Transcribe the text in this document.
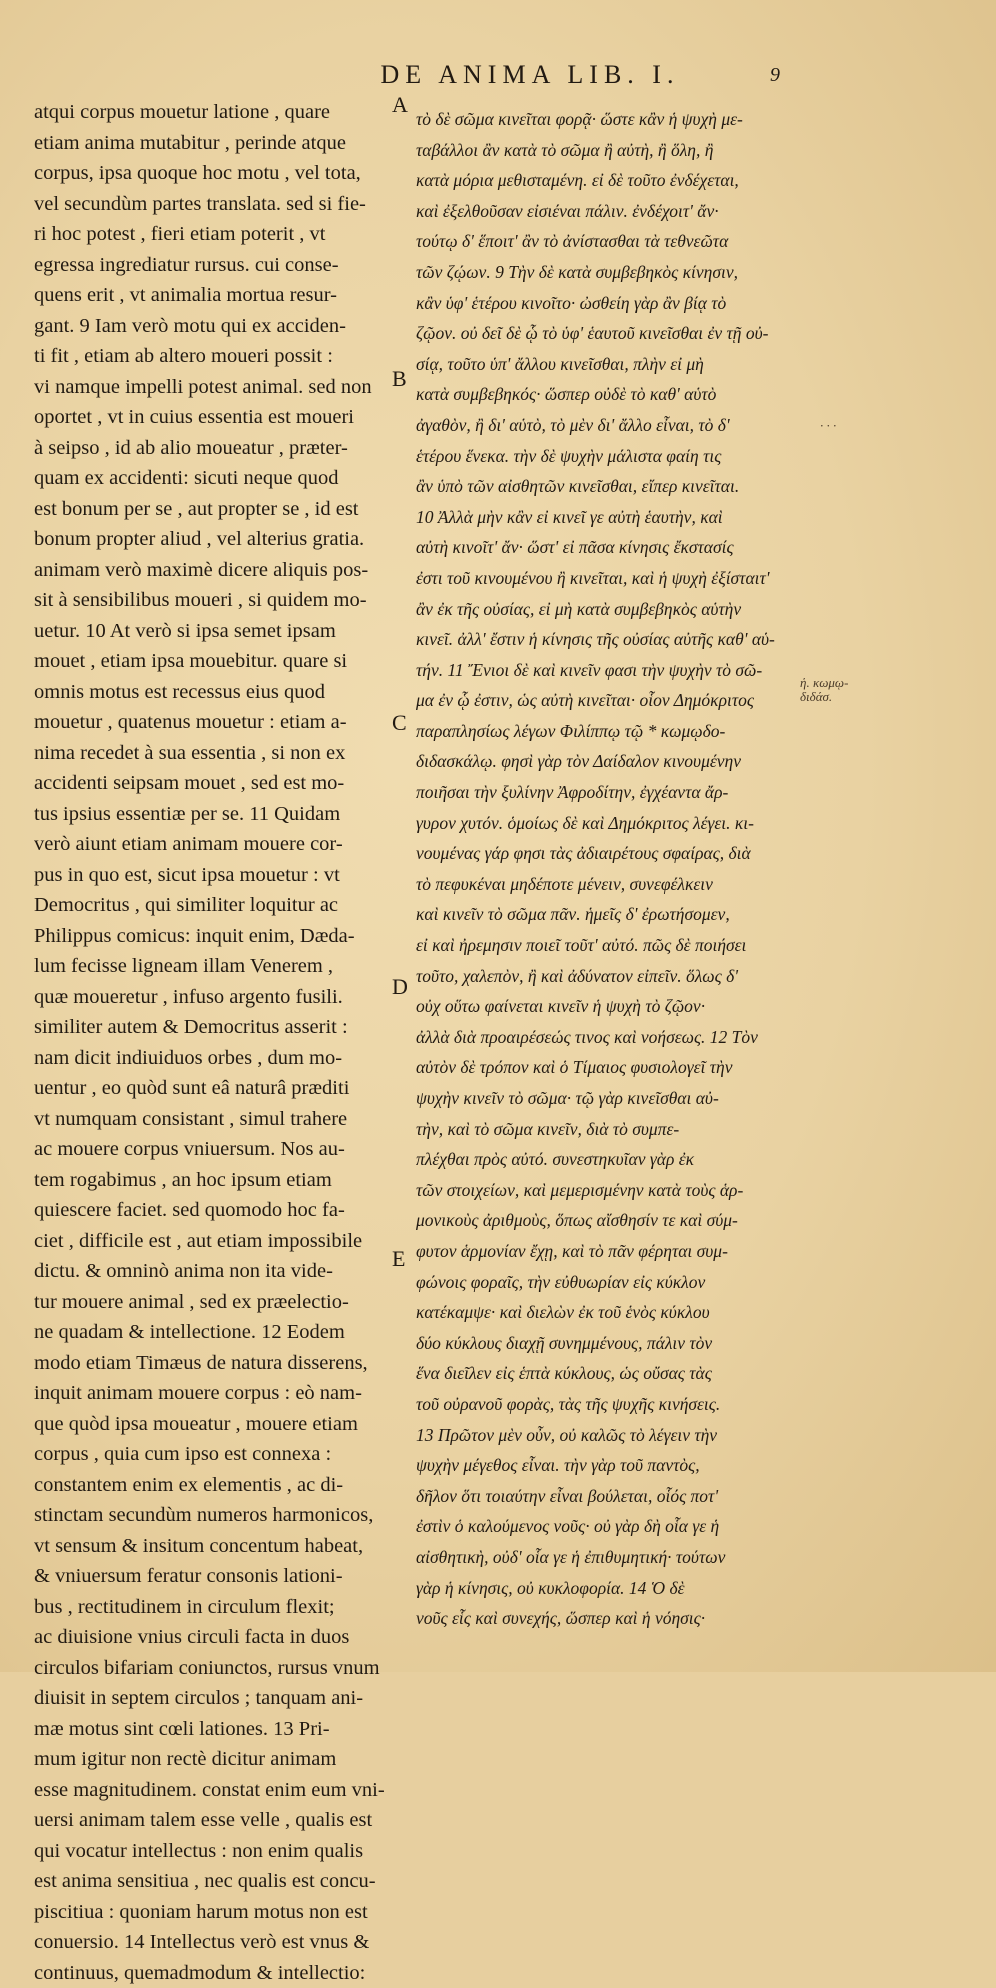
DE ANIMA LIB. I.	9
atqui corpus mouetur latione , quare
etiam anima mutabitur , perinde atque
corpus, ipsa quoque hoc motu , vel tota,
vel secundùm partes translata. sed si fie-
ri hoc potest , fieri etiam poterit , vt
egressa ingrediatur rursus. cui conse-
quens erit , vt animalia mortua resur-
gant. 9 Iam verò motu qui ex acciden-
ti fit , etiam ab altero moueri possit :
vi namque impelli potest animal. sed non
oportet , vt in cuius essentia est moueri
à seipso , id ab alio moueatur , præter-
quam ex accidenti: sicuti neque quod
est bonum per se , aut propter se , id est
bonum propter aliud , vel alterius gratia.
animam verò maximè dicere aliquis pos-
sit à sensibilibus moueri , si quidem mo-
uetur. 10 At verò si ipsa semet ipsam
mouet , etiam ipsa mouebitur. quare si
omnis motus est recessus eius quod
mouetur , quatenus mouetur : etiam a-
nima recedet à sua essentia , si non ex
accidenti seipsam mouet , sed est mo-
tus ipsius essentiæ per se. 11 Quidam
verò aiunt etiam animam mouere cor-
pus in quo est, sicut ipsa mouetur : vt
Democritus , qui similiter loquitur ac
Philippus comicus: inquit enim, Dæda-
lum fecisse ligneam illam Venerem ,
quæ moueretur , infuso argento fusili.
similiter autem & Democritus asserit :
nam dicit indiuiduos orbes , dum mo-
uentur , eo quòd sunt eâ naturâ præditi
vt numquam consistant , simul trahere
ac mouere corpus vniuersum. Nos au-
tem rogabimus , an hoc ipsum etiam
quiescere faciet. sed quomodo hoc fa-
ciet , difficile est , aut etiam impossibile
dictu. & omninò anima non ita vide-
tur mouere animal , sed ex præelectio-
ne quadam & intellectione. 12 Eodem
modo etiam Timæus de natura disserens,
inquit animam mouere corpus : eò nam-
que quòd ipsa moueatur , mouere etiam
corpus , quia cum ipso est connexa :
constantem enim ex elementis , ac di-
stinctam secundùm numeros harmonicos,
vt sensum & insitum concentum habeat,
& vniuersum feratur consonis lationi-
bus , rectitudinem in circulum flexit;
ac diuisione vnius circuli facta in duos
circulos bifariam coniunctos, rursus vnum
diuisit in septem circulos ; tanquam ani-
mæ motus sint cœli lationes. 13 Pri-
mum igitur non rectè dicitur animam
esse magnitudinem. constat enim eum vni-
uersi animam talem esse velle , qualis est
qui vocatur intellectus : non enim qualis
est anima sensitiua , nec qualis est concu-
piscitiua : quoniam harum motus non est
conuersio. 14 Intellectus verò est vnus &
continuus, quemadmodum & intellectio:
τὸ δὲ σῶμα κινεῖται φορᾷ· ὥστε κἂν ἡ ψυχὴ με-
ταβάλλοι ἂν κατὰ τὸ σῶμα ἢ αὐτὴ, ἢ ὅλη, ἢ
κατὰ μόρια μεθισταμένη. εἰ δὲ τοῦτο ἐνδέχεται,
καὶ ἐξελθοῦσαν εἰσιέναι πάλιν. ἐνδέχοιτ' ἄν·
τούτῳ δ' ἕποιτ' ἂν τὸ ἀνίστασθαι τὰ τεθνεῶτα
τῶν ζῴων. 9 Τὴν δὲ κατὰ συμβεβηκὸς κίνησιν,
κἂν ὑφ' ἑτέρου κινοῖτο· ὠσθείη γὰρ ἂν βίᾳ τὸ
ζῷον. οὐ δεῖ δὲ ᾧ τὸ ὑφ' ἑαυτοῦ κινεῖσθαι ἐν τῇ οὐ-
σίᾳ, τοῦτο ὑπ' ἄλλου κινεῖσθαι, πλὴν εἰ μὴ
κατὰ συμβεβηκός· ὥσπερ οὐδὲ τὸ καθ' αὑτὸ
ἀγαθὸν, ἢ δι' αὑτὸ, τὸ μὲν δι' ἄλλο εἶναι, τὸ δ'
ἑτέρου ἕνεκα. τὴν δὲ ψυχὴν μάλιστα φαίη τις
ἂν ὑπὸ τῶν αἰσθητῶν κινεῖσθαι, εἴπερ κινεῖται.
10 Ἀλλὰ μὴν κἂν εἰ κινεῖ γε αὐτὴ ἑαυτὴν, καὶ
αὐτὴ κινοῖτ' ἄν· ὥστ' εἰ πᾶσα κίνησις ἔκστασίς
ἐστι τοῦ κινουμένου ἢ κινεῖται, καὶ ἡ ψυχὴ ἐξίσταιτ'
ἂν ἐκ τῆς οὐσίας, εἰ μὴ κατὰ συμβεβηκὸς αὑτὴν
κινεῖ. ἀλλ' ἔστιν ἡ κίνησις τῆς οὐσίας αὐτῆς καθ' αὑ-
τήν. 11 Ἔνιοι δὲ καὶ κινεῖν φασι τὴν ψυχὴν τὸ σῶ-
μα ἐν ᾧ ἐστιν, ὡς αὐτὴ κινεῖται· οἷον Δημόκριτος
παραπλησίως λέγων Φιλίππῳ τῷ * κωμῳδο-
διδασκάλῳ. φησὶ γὰρ τὸν Δαίδαλον κινουμένην
ποιῆσαι τὴν ξυλίνην Ἀφροδίτην, ἐγχέαντα ἄρ-
γυρον χυτόν. ὁμοίως δὲ καὶ Δημόκριτος λέγει. κι-
νουμένας γάρ φησι τὰς ἀδιαιρέτους σφαίρας, διὰ
τὸ πεφυκέναι μηδέποτε μένειν, συνεφέλκειν
καὶ κινεῖν τὸ σῶμα πᾶν. ἡμεῖς δ' ἐρωτήσομεν,
εἰ καὶ ἠρεμησιν ποιεῖ τοῦτ' αὐτό. πῶς δὲ ποιήσει
τοῦτο, χαλεπὸν, ἢ καὶ ἀδύνατον εἰπεῖν. ὅλως δ'
οὐχ οὕτω φαίνεται κινεῖν ἡ ψυχὴ τὸ ζῷον·
ἀλλὰ διὰ προαιρέσεώς τινος καὶ νοήσεως. 12 Τὸν
αὐτὸν δὲ τρόπον καὶ ὁ Τίμαιος φυσιολογεῖ τὴν
ψυχὴν κινεῖν τὸ σῶμα· τῷ γὰρ κινεῖσθαι αὐ-
τὴν, καὶ τὸ σῶμα κινεῖν, διὰ τὸ συμπε-
πλέχθαι πρὸς αὐτό. συνεστηκυῖαν γὰρ ἐκ
τῶν στοιχείων, καὶ μεμερισμένην κατὰ τοὺς ἁρ-
μονικοὺς ἀριθμοὺς, ὅπως αἴσθησίν τε καὶ σύμ-
φυτον ἁρμονίαν ἔχῃ, καὶ τὸ πᾶν φέρηται συμ-
φώνοις φοραῖς, τὴν εὐθυωρίαν εἰς κύκλον
κατέκαμψε· καὶ διελὼν ἐκ τοῦ ἑνὸς κύκλου
δύο κύκλους διαχῇ συνημμένους, πάλιν τὸν
ἕνα διεῖλεν εἰς ἑπτὰ κύκλους, ὡς οὔσας τὰς
τοῦ οὐρανοῦ φορὰς, τὰς τῆς ψυχῆς κινήσεις.
13 Πρῶτον μὲν οὖν, οὐ καλῶς τὸ λέγειν τὴν
ψυχὴν μέγεθος εἶναι. τὴν γὰρ τοῦ παντὸς,
δῆλον ὅτι τοιαύτην εἶναι βούλεται, οἷός ποτ'
ἐστὶν ὁ καλούμενος νοῦς· οὐ γὰρ δὴ οἷα γε ἡ
αἰσθητικὴ, οὐδ' οἷα γε ἡ ἐπιθυμητική· τούτων
γὰρ ἡ κίνησις, οὐ κυκλοφορία. 14 Ὁ δὲ
νοῦς εἷς καὶ συνεχής, ὥσπερ καὶ ἡ νόησις·
A
B
C
D
E
· · ·
ἡ. κωμῳ- διδάσ.
